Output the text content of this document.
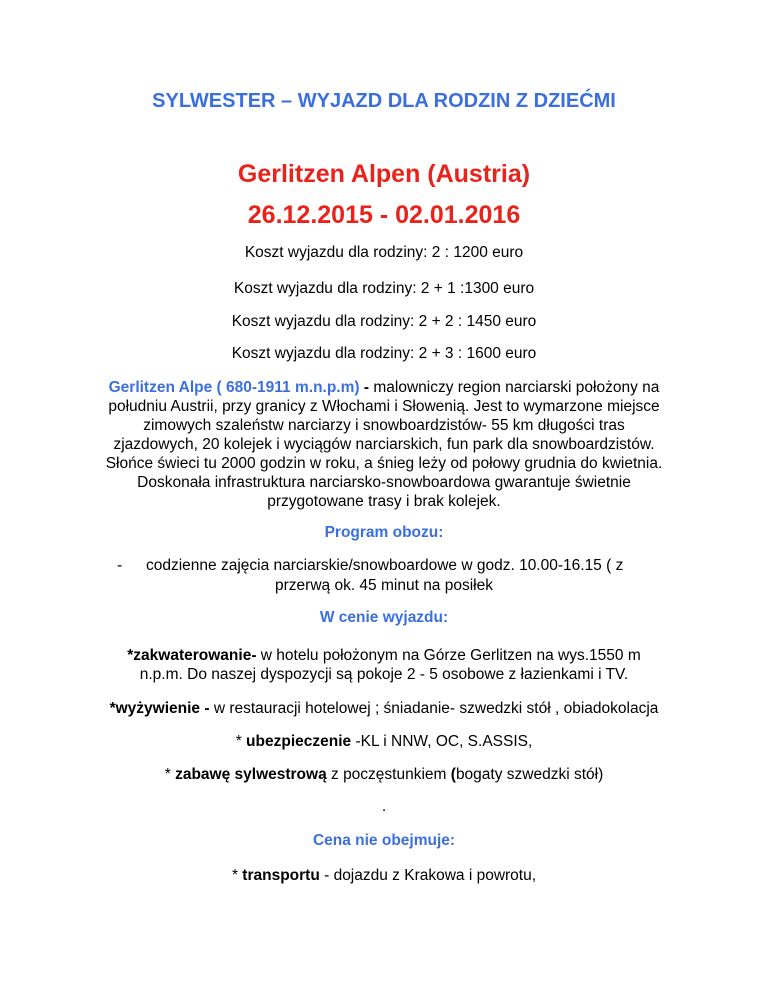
SYLWESTER – WYJAZD DLA RODZIN Z DZIEĆMI
Gerlitzen Alpen (Austria)
26.12.2015 - 02.01.2016

Koszt wyjazdu dla rodziny: 2 : 1200 euro

Koszt wyjazdu dla rodziny: 2 + 1 :1300 euro

Koszt wyjazdu dla rodziny: 2 + 2 : 1450 euro

Koszt wyjazdu dla rodziny: 2 + 3 : 1600 euro

Gerlitzen Alpe ( 680-1911 m.n.p.m) - malowniczy region narciarski położony na
południu Austrii, przy granicy z Włochami i Słowenią. Jest to wymarzone miejsce
zimowych szaleństw narciarzy i snowboardzistów- 55 km długości tras
zjazdowych, 20 kolejek i wyciągów narciarskich, fun park dla snowboardzistów.
Słońce świeci tu 2000 godzin w roku, a śnieg leży od połowy grudnia do kwietnia.
Doskonała infrastruktura narciarsko-snowboardowa gwarantuje świetnie
przygotowane trasy i brak kolejek.

Program obozu:

- codzienne zajęcia narciarskie/snowboardowe w godz. 10.00-16.15 ( z

przerwą ok. 45 minut na posiłek

W cenie wyjazdu:

*zakwaterowanie- w hotelu położonym na Górze Gerlitzen na wys.1550 m
n.p.m. Do naszej dyspozycji są pokoje 2 - 5 osobowe z łazienkami i TV.

*wyżywienie - w restauracji hotelowej ; śniadanie- szwedzki stół , obiadokolacja

* ubezpieczenie -KL i NNW, OC, S.ASSIS,

* zabawę sylwestrową z poczęstunkiem (bogaty szwedzki stół)

.

Cena nie obejmuje:

* transportu - dojazdu z Krakowa i powrotu,
